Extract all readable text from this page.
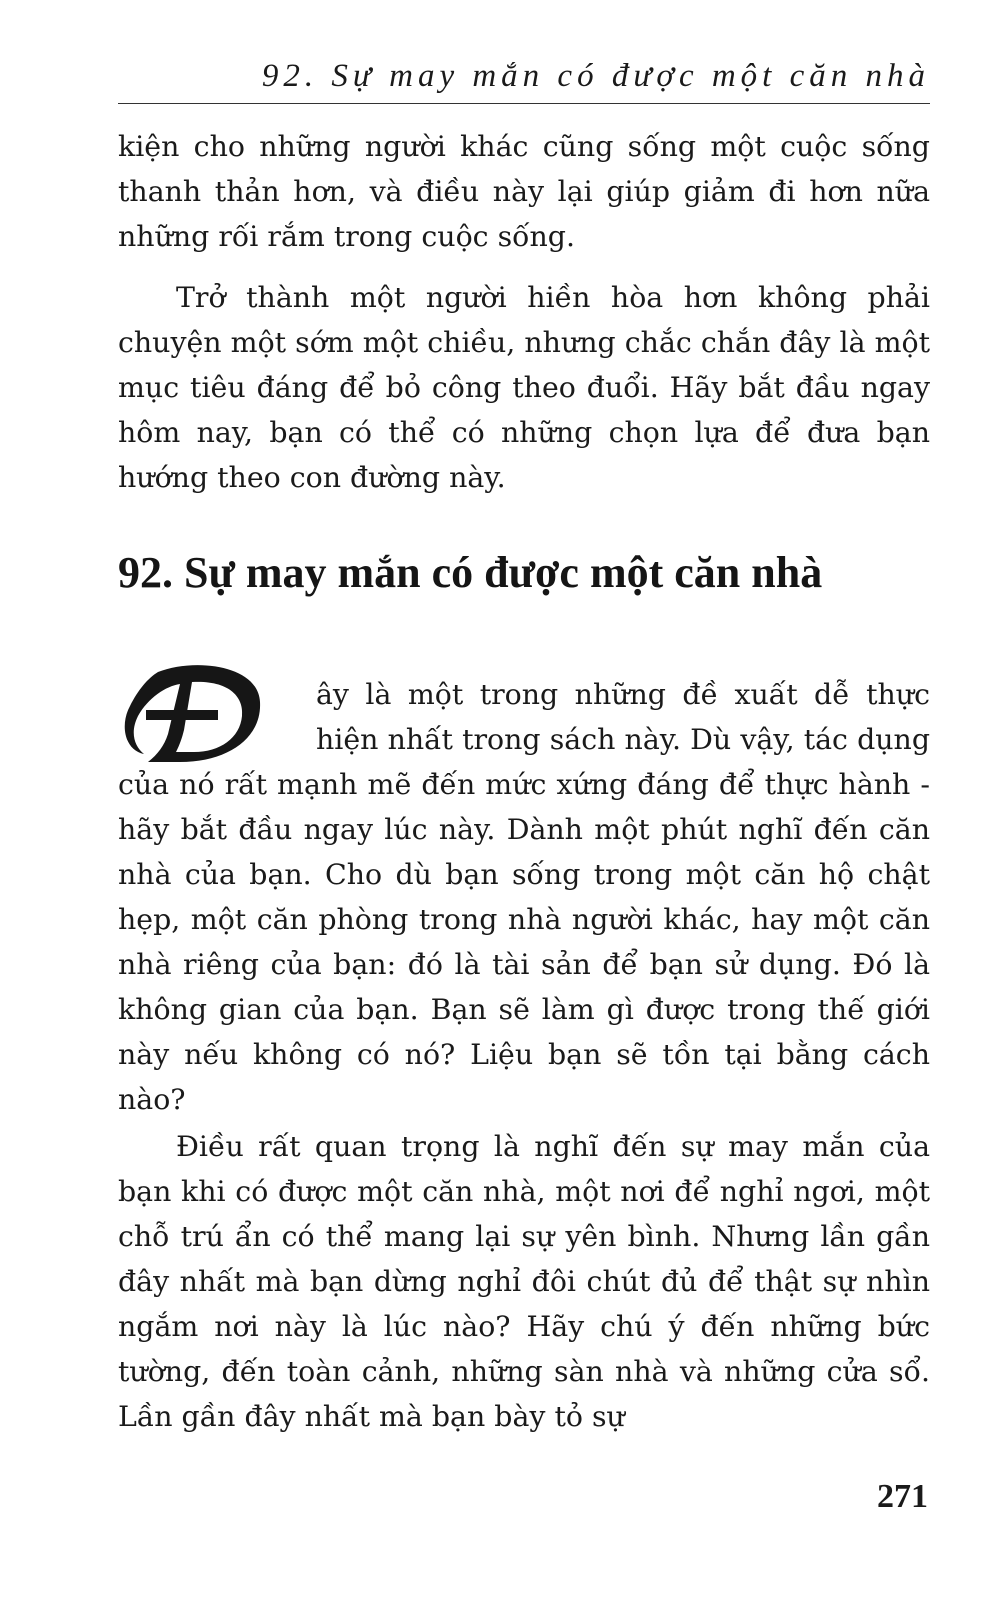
92. Sự may mắn có được một căn nhà

kiện cho những người khác cũng sống một cuộc sống thanh thản hơn, và điều này lại giúp giảm đi hơn nữa những rối rắm trong cuộc sống.

Trở thành một người hiền hòa hơn không phải chuyện một sớm một chiều, nhưng chắc chắn đây là một mục tiêu đáng để bỏ công theo đuổi. Hãy bắt đầu ngay hôm nay, bạn có thể có những chọn lựa để đưa bạn hướng theo con đường này.

92. Sự may mắn có được một căn nhà

ây là một trong những đề xuất dễ thực hiện nhất trong sách này. Dù vậy, tác dụng của nó rất mạnh mẽ đến mức xứng đáng để thực hành - hãy bắt đầu ngay lúc này. Dành một phút nghĩ đến căn nhà của bạn. Cho dù bạn sống trong một căn hộ chật hẹp, một căn phòng trong nhà người khác, hay một căn nhà riêng của bạn: đó là tài sản để bạn sử dụng. Đó là không gian của bạn. Bạn sẽ làm gì được trong thế giới này nếu không có nó? Liệu bạn sẽ tồn tại bằng cách nào?

Điều rất quan trọng là nghĩ đến sự may mắn của bạn khi có được một căn nhà, một nơi để nghỉ ngơi, một chỗ trú ẩn có thể mang lại sự yên bình. Nhưng lần gần đây nhất mà bạn dừng nghỉ đôi chút đủ để thật sự nhìn ngắm nơi này là lúc nào? Hãy chú ý đến những bức tường, đến toàn cảnh, những sàn nhà và những cửa sổ. Lần gần đây nhất mà bạn bày tỏ sự

271
